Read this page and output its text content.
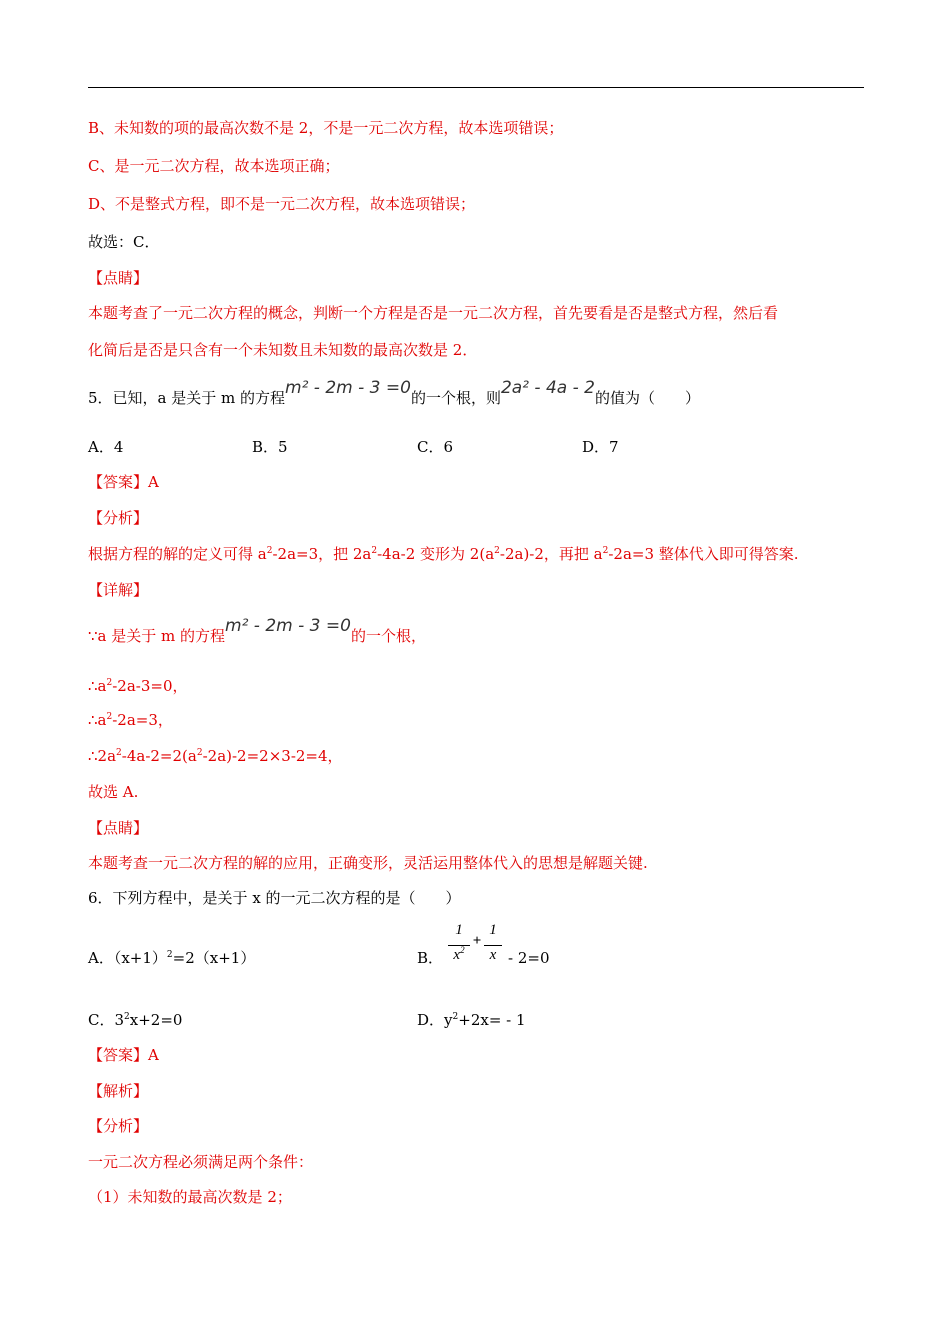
B、未知数的项的最高次数不是 2，不是一元二次方程，故本选项错误；
C、是一元二次方程，故本选项正确；
D、不是整式方程，即不是一元二次方程，故本选项错误；
故选：C．
【点睛】
本题考查了一元二次方程的概念，判断一个方程是否是一元二次方程，首先要看是否是整式方程，然后看
化简后是否是只含有一个未知数且未知数的最高次数是 2．
5．已知，a 是关于 m 的方程m² - 2m - 3 =0的一个根，则2a² - 4a - 2的值为（　　）
A．4	B．5	C．6	D．7
【答案】A
【分析】
根据方程的解的定义可得 $a^2-2a=3$，把 $2a^2-4a-2$ 变形为 $2(a^2-2a)-2$，再把 $a^2-2a=3$ 整体代入即可得答案.
【详解】
∵a 是关于 m 的方程m² - 2m - 3 =0的一个根，
$\therefore a^2-2a-3=0$，
$\therefore a^2-2a=3$，
$\therefore 2a^2-4a-2=2(a^2-2a)-2=2\times 3-2=4$，
故选 A.
【点睛】
本题考查一元二次方程的解的应用，正确变形，灵活运用整体代入的思想是解题关键.
6．下列方程中，是关于 x 的一元二次方程的是（　　）
A．$(x+1)^2=2(x+1)$	B．
1
$x^2$
+
1
x - 2=0
C．$3^2x+2=0$	D．$y^2+2x= - 1$
【答案】A
【解析】
【分析】
一元二次方程必须满足两个条件：
（1）未知数的最高次数是 2；
